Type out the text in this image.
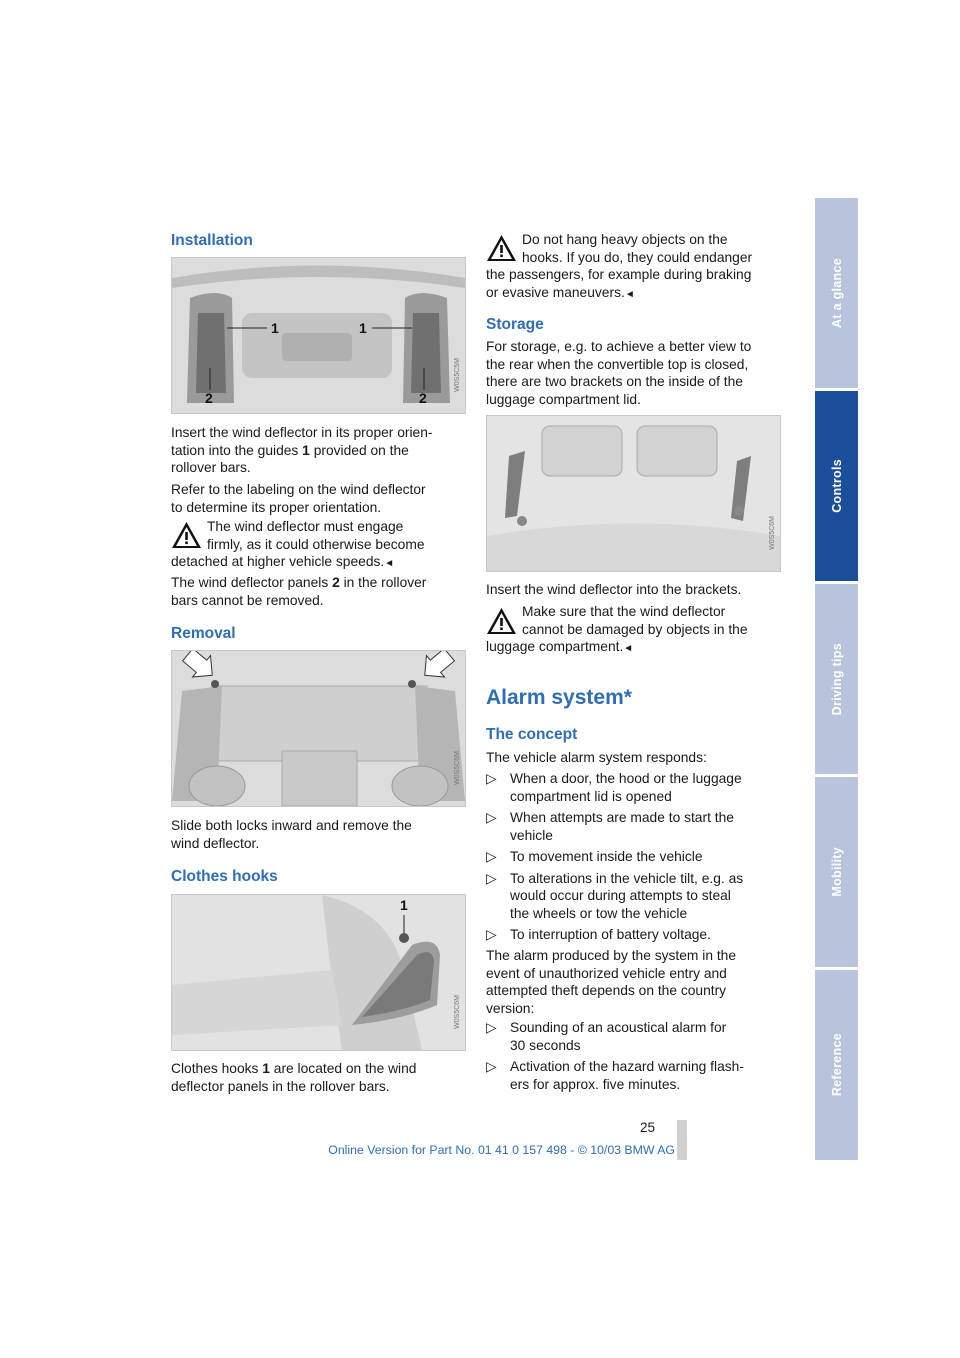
At a glance
Controls
Driving tips
Mobility
Reference
Installation
1	1
2	2
W0S5C5M
Insert the wind deflector in its proper orien-
tation into the guides 1 provided on the
rollover bars.
Refer to the labeling on the wind deflector
to determine its proper orientation.
The wind deflector must engage
firmly, as it could otherwise become
detached at higher vehicle speeds.◄
The wind deflector panels 2 in the rollover
bars cannot be removed.
Removal
W0S5C6M
Slide both locks inward and remove the
wind deflector.
Clothes hooks
1
W0S5C6M
Clothes hooks 1 are located on the wind
deflector panels in the rollover bars.
Do not hang heavy objects on the
hooks. If you do, they could endanger
the passengers, for example during braking
or evasive maneuvers.◄
Storage
For storage, e.g. to achieve a better view to
the rear when the convertible top is closed,
there are two brackets on the inside of the
luggage compartment lid.
W0S5C6M
Insert the wind deflector into the brackets.
Make sure that the wind deflector
cannot be damaged by objects in the
luggage compartment.◄
Alarm system*
The concept
The vehicle alarm system responds:
▷ When a door, the hood or the luggage
compartment lid is opened
▷ When attempts are made to start the
vehicle
▷ To movement inside the vehicle
▷ To alterations in the vehicle tilt, e.g. as
would occur during attempts to steal
the wheels or tow the vehicle
▷ To interruption of battery voltage.
The alarm produced by the system in the
event of unauthorized vehicle entry and
attempted theft depends on the country
version:
▷ Sounding of an acoustical alarm for
30 seconds
▷ Activation of the hazard warning flash-
ers for approx. five minutes.
25
Online Version for Part No. 01 41 0 157 498 - © 10/03 BMW AG
